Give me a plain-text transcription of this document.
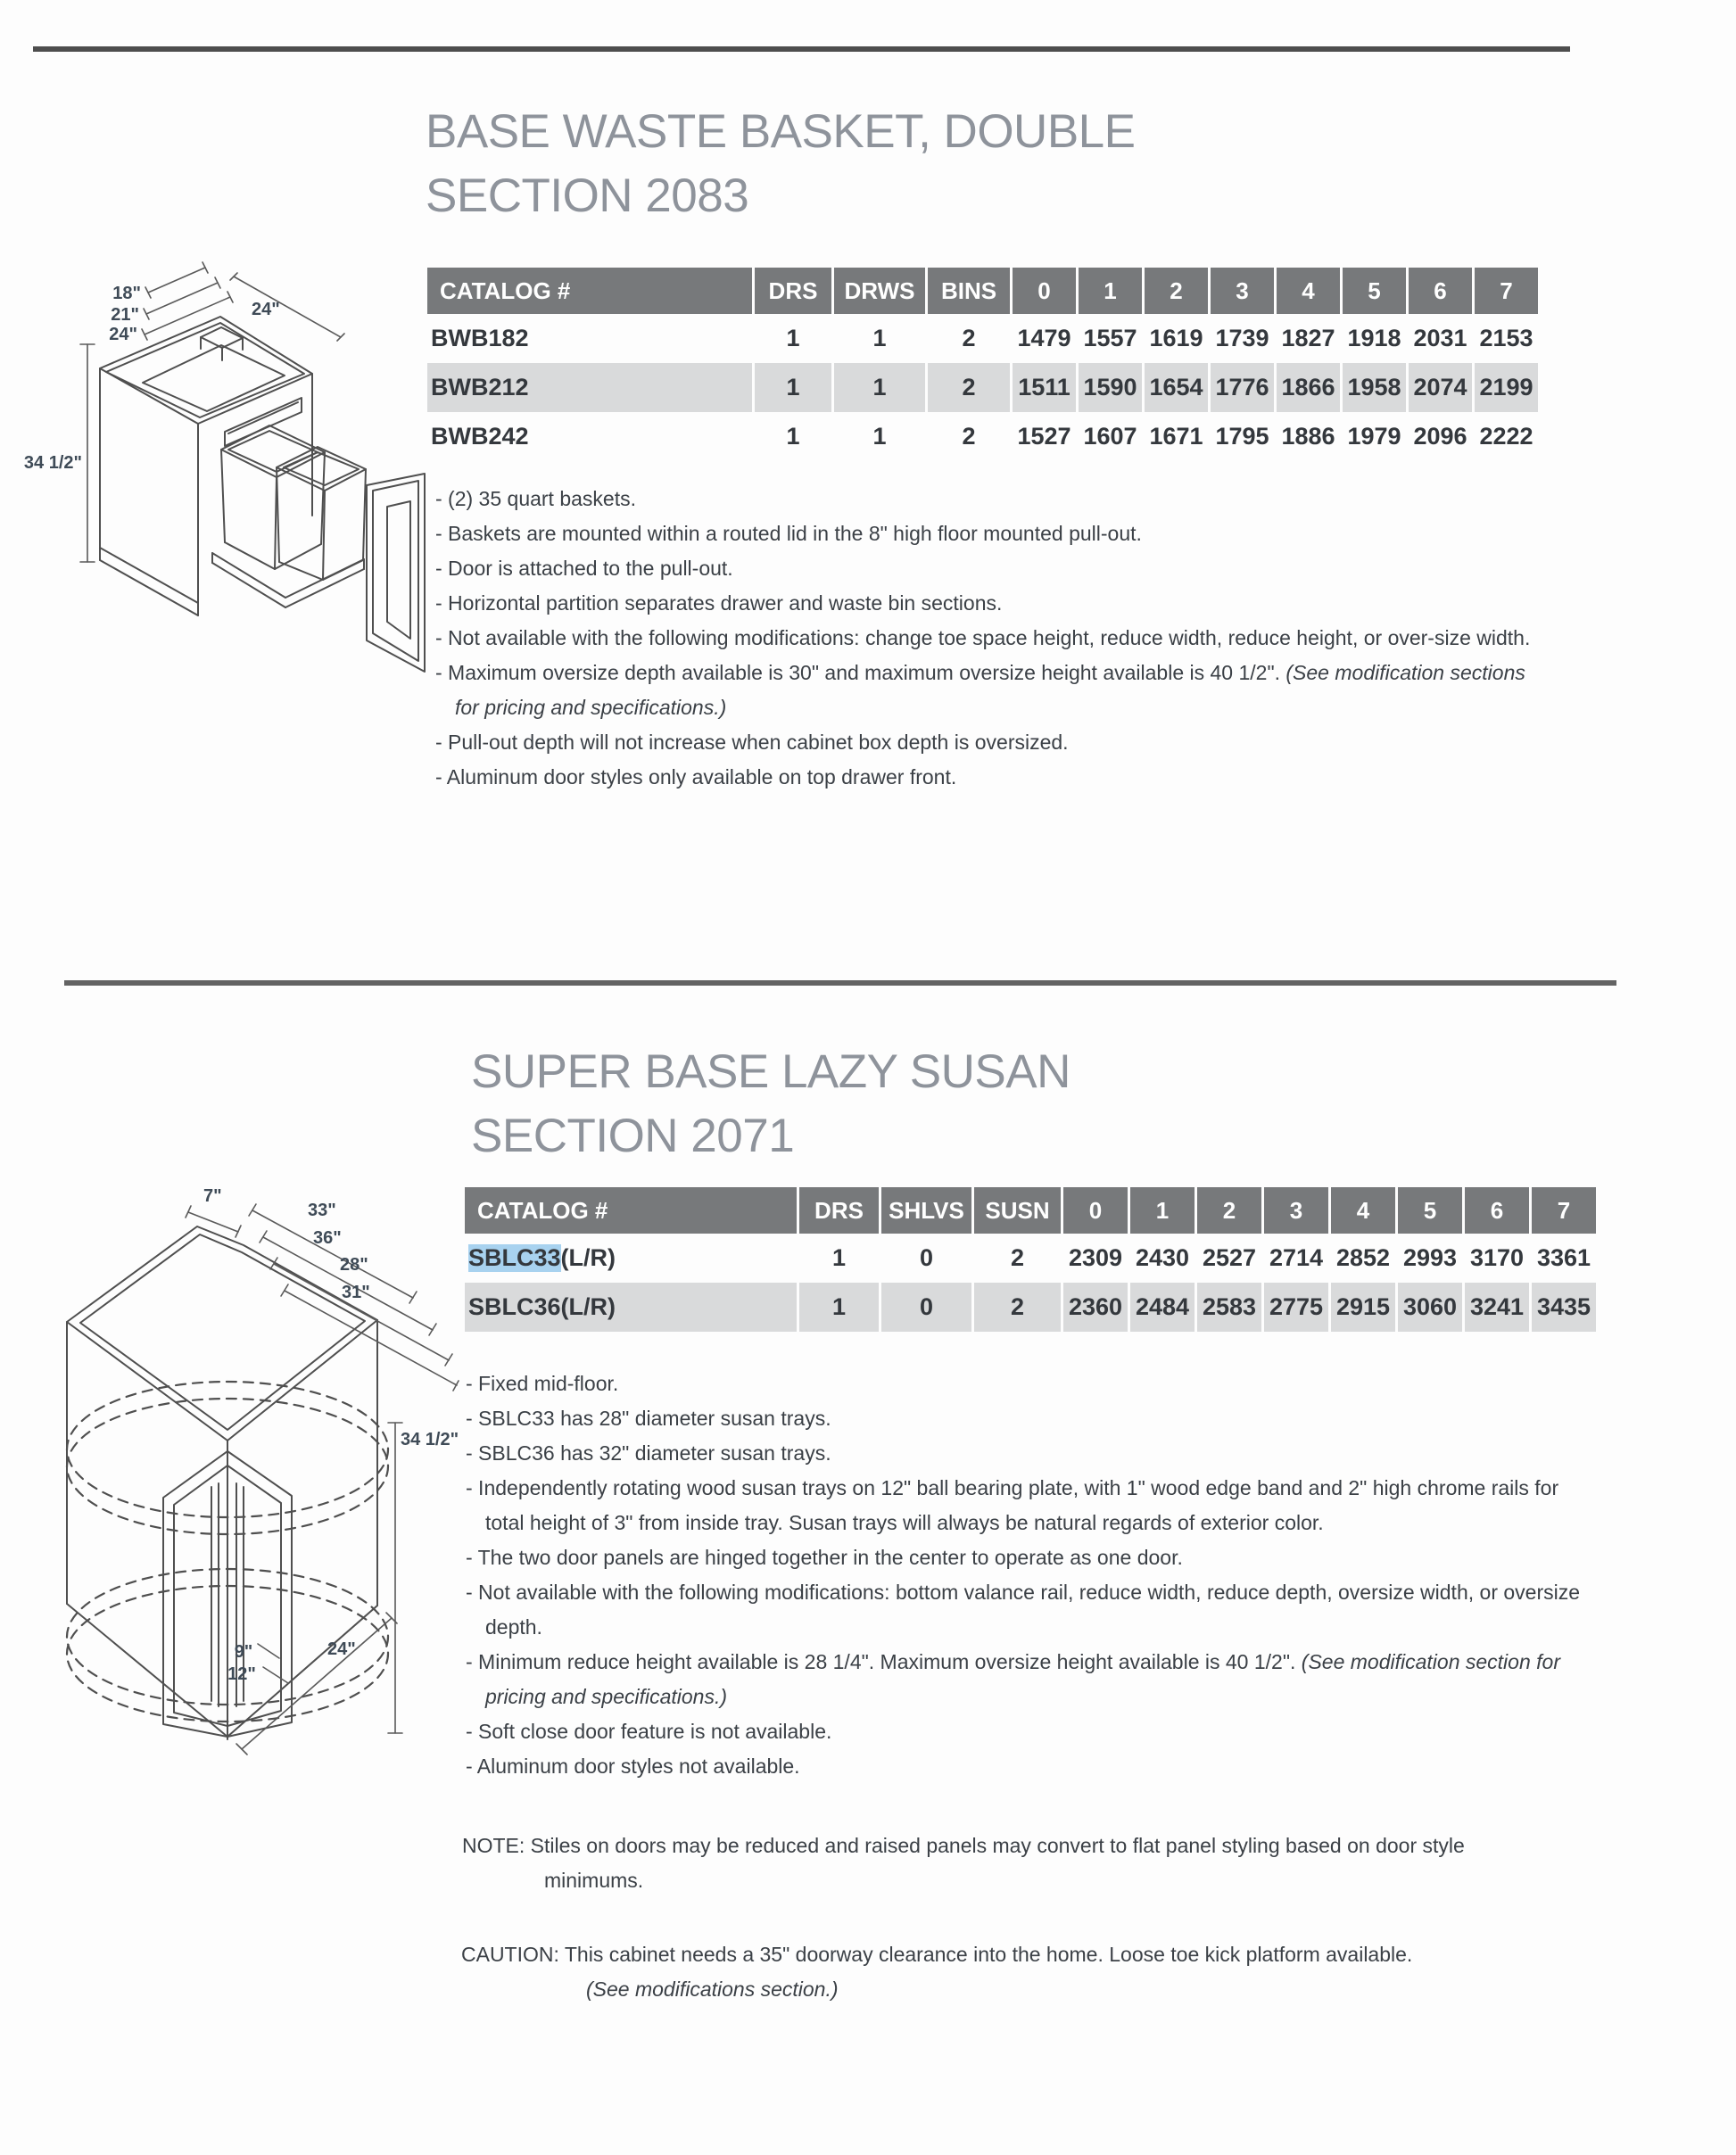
BASE WASTE BASKET, DOUBLE
SECTION 2083
18"
21"
24"
24"
34 1/2"
CATALOG #	DRS	DRWS	BINS	0	1	2	3	4	5	6	7
BWB182	1	1	2	1479 1557 1619 1739 1827 1918 2031 2153
BWB212	1	1	2	1511 1590 1654 1776 1866 1958 2074 2199
BWB242	1	1	2	1527 1607 1671 1795 1886 1979 2096 2222
- (2) 35 quart baskets.
- Baskets are mounted within a routed lid in the 8" high floor mounted pull-out.
- Door is attached to the pull-out.
- Horizontal partition separates drawer and waste bin sections.
- Not available with the following modifications: change toe space height, reduce width, reduce height, or over-size width.
- Maximum oversize depth available is 30" and maximum oversize height available is 40 1/2". (See modification sections for pricing and specifications.)
- Pull-out depth will not increase when cabinet box depth is oversized.
- Aluminum door styles only available on top drawer front.
SUPER BASE LAZY SUSAN
SECTION 2071
7"
33"
36"
28"
31"
34 1/2"
24"
9"
12"
CATALOG #	DRS	SHLVS SUSN	0	1	2	3	4	5	6	7
SBLC33 (L/R)	1	0	2	2309 2430 2527 2714 2852 2993 3170 3361
SBLC36(L/R)	1	0	2	2360 2484 2583 2775 2915 3060 3241 3435
- Fixed mid-floor.
- SBLC33 has 28" diameter susan trays.
- SBLC36 has 32" diameter susan trays.
- Independently rotating wood susan trays on 12" ball bearing plate, with 1" wood edge band and 2" high chrome rails for total height of 3" from inside tray. Susan trays will always be natural regards of exterior color.
- The two door panels are hinged together in the center to operate as one door.
- Not available with the following modifications: bottom valance rail, reduce width, reduce depth, oversize width, or oversize depth.
- Minimum reduce height available is 28 1/4". Maximum oversize height available is 40 1/2". (See modification section for pricing and specifications.)
- Soft close door feature is not available.
- Aluminum door styles not available.
NOTE: Stiles on doors may be reduced and raised panels may convert to flat panel styling based on door style
minimums.
CAUTION: This cabinet needs a 35" doorway clearance into the home. Loose toe kick platform available.
(See modifications section.)
